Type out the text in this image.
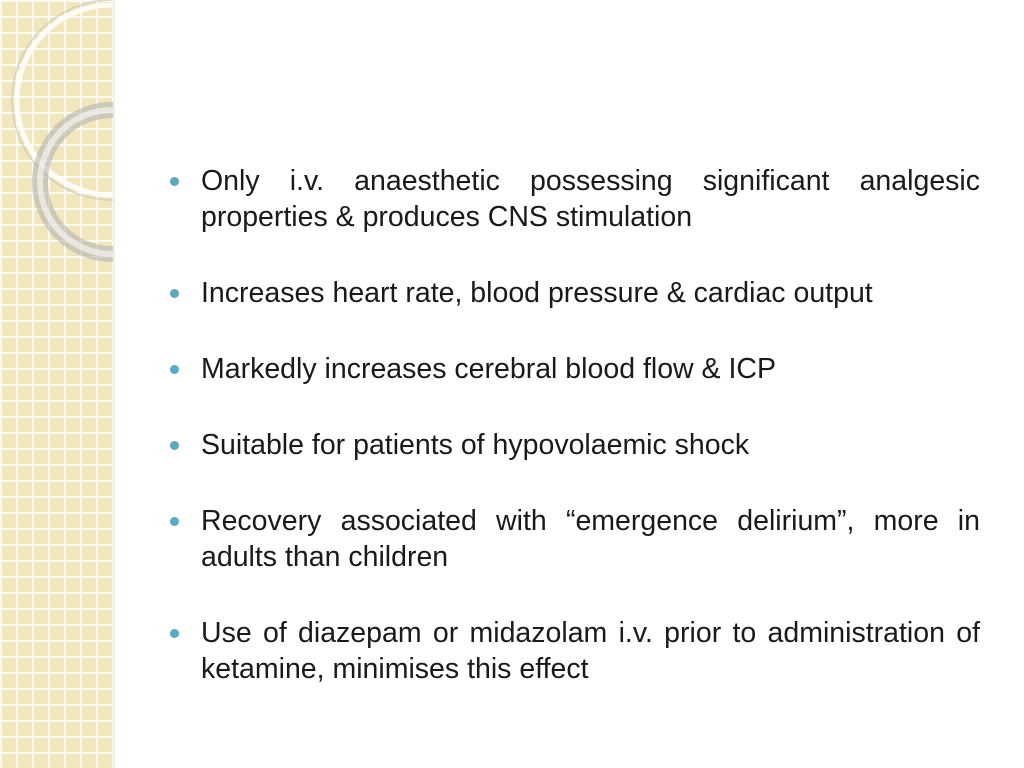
Only i.v. anaesthetic possessing significant analgesic properties & produces CNS stimulation
Increases heart rate, blood pressure & cardiac output
Markedly increases cerebral blood flow & ICP
Suitable for patients of hypovolaemic shock
Recovery associated with “emergence delirium”, more in adults than children
Use of diazepam or midazolam i.v. prior to administration of ketamine, minimises this effect
